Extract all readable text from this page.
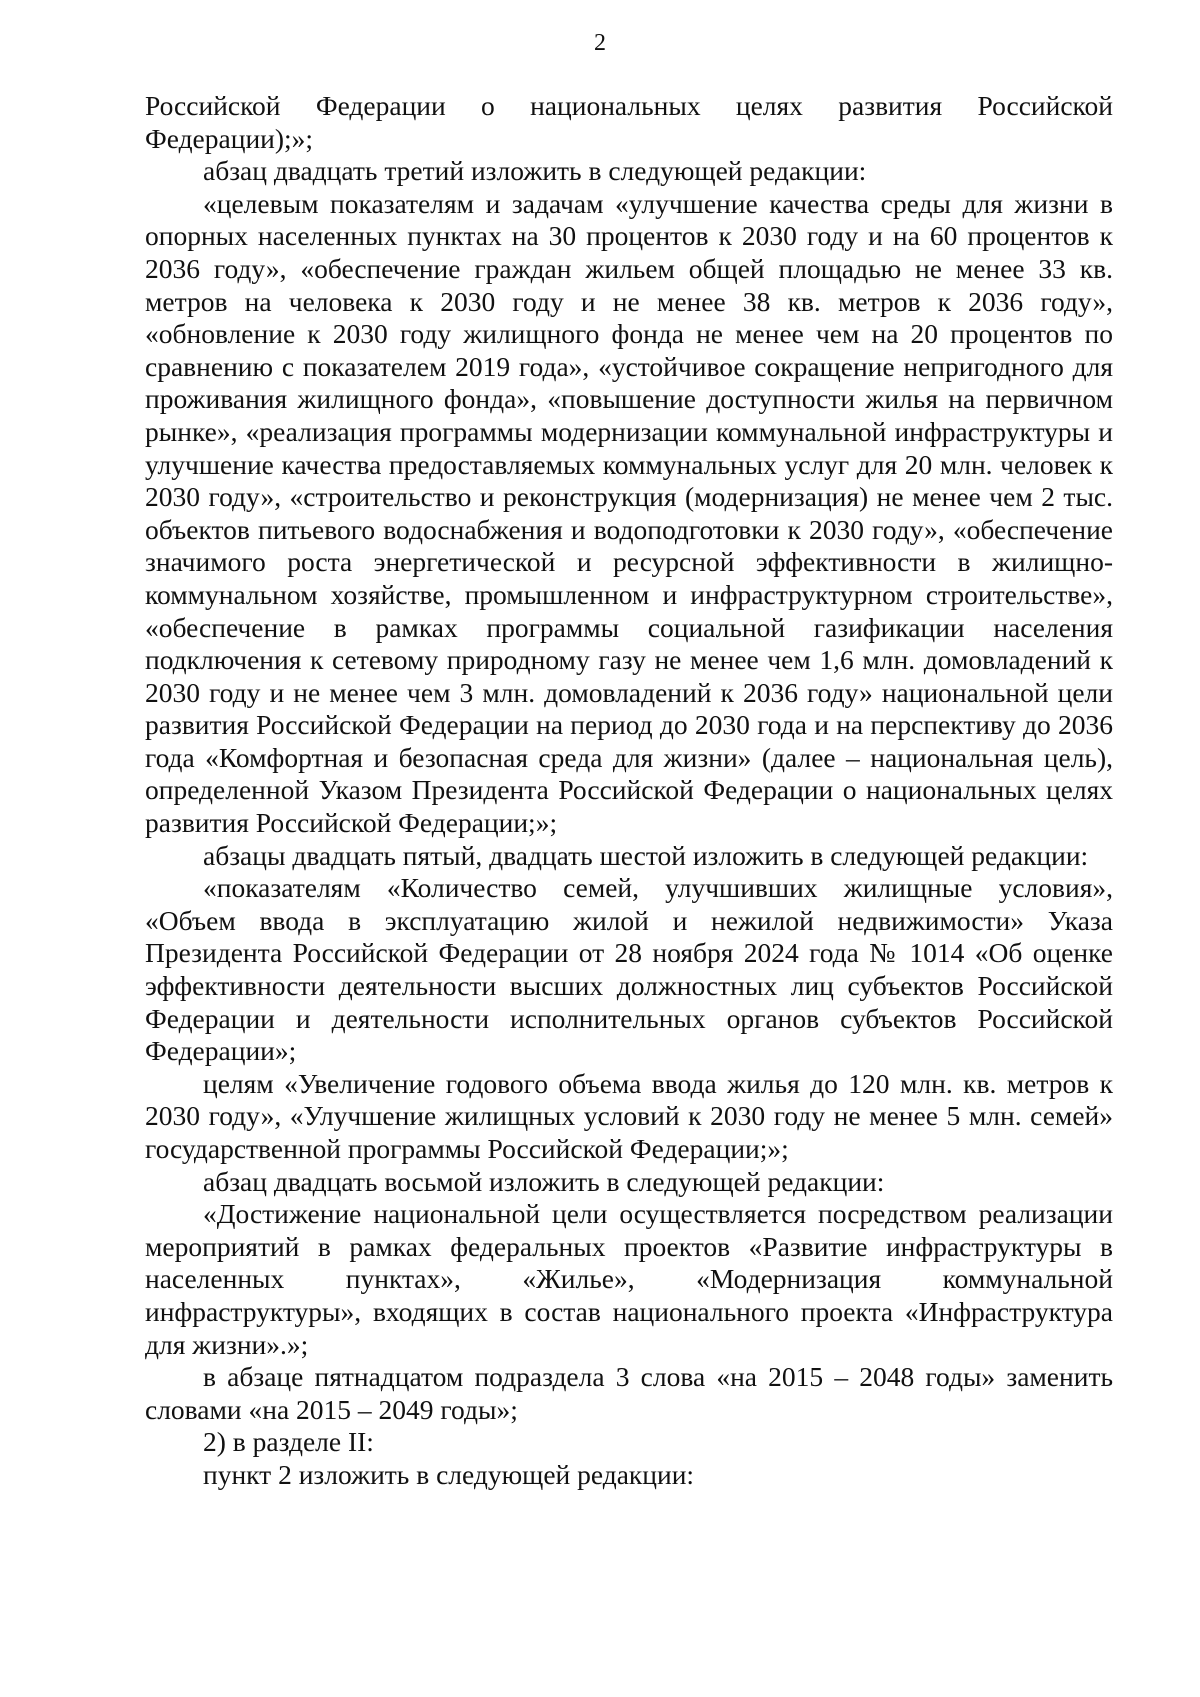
2

Российской Федерации о национальных целях развития Российской Федерации);»;

абзац двадцать третий изложить в следующей редакции:

«целевым показателям и задачам «улучшение качества среды для жизни в опорных населенных пунктах на 30 процентов к 2030 году и на 60 процентов к 2036 году», «обеспечение граждан жильем общей площадью не менее 33 кв. метров на человека к 2030 году и не менее 38 кв. метров к 2036 году», «обновление к 2030 году жилищного фонда не менее чем на 20 процентов по сравнению с показателем 2019 года», «устойчивое сокращение непригодного для проживания жилищного фонда», «повышение доступности жилья на первичном рынке», «реализация программы модернизации коммунальной инфраструктуры и улучшение качества предоставляемых коммунальных услуг для 20 млн. человек к 2030 году», «строительство и реконструкция (модернизация) не менее чем 2 тыс. объектов питьевого водоснабжения и водоподготовки к 2030 году», «обеспечение значимого роста энергетической и ресурсной эффективности в жилищно-коммунальном хозяйстве, промышленном и инфраструктурном строительстве», «обеспечение в рамках программы социальной газификации населения подключения к сетевому природному газу не менее чем 1,6 млн. домовладений к 2030 году и не менее чем 3 млн. домовладений к 2036 году» национальной цели развития Российской Федерации на период до 2030 года и на перспективу до 2036 года «Комфортная и безопасная среда для жизни» (далее – национальная цель), определенной Указом Президента Российской Федерации о национальных целях развития Российской Федерации;»;

абзацы двадцать пятый, двадцать шестой изложить в следующей редакции:

«показателям «Количество семей, улучшивших жилищные условия», «Объем ввода в эксплуатацию жилой и нежилой недвижимости» Указа Президента Российской Федерации от 28 ноября 2024 года № 1014 «Об оценке эффективности деятельности высших должностных лиц субъектов Российской Федерации и деятельности исполнительных органов субъектов Российской Федерации»;

целям «Увеличение годового объема ввода жилья до 120 млн. кв. метров к 2030 году», «Улучшение жилищных условий к 2030 году не менее 5 млн. семей» государственной программы Российской Федерации;»;

абзац двадцать восьмой изложить в следующей редакции:

«Достижение национальной цели осуществляется посредством реализации мероприятий в рамках федеральных проектов «Развитие инфраструктуры в населенных пунктах», «Жилье», «Модернизация коммунальной инфраструктуры», входящих в состав национального проекта «Инфраструктура для жизни».»;

в абзаце пятнадцатом подраздела 3 слова «на 2015 – 2048 годы» заменить словами «на 2015 – 2049 годы»;

2) в разделе II:

пункт 2 изложить в следующей редакции:
